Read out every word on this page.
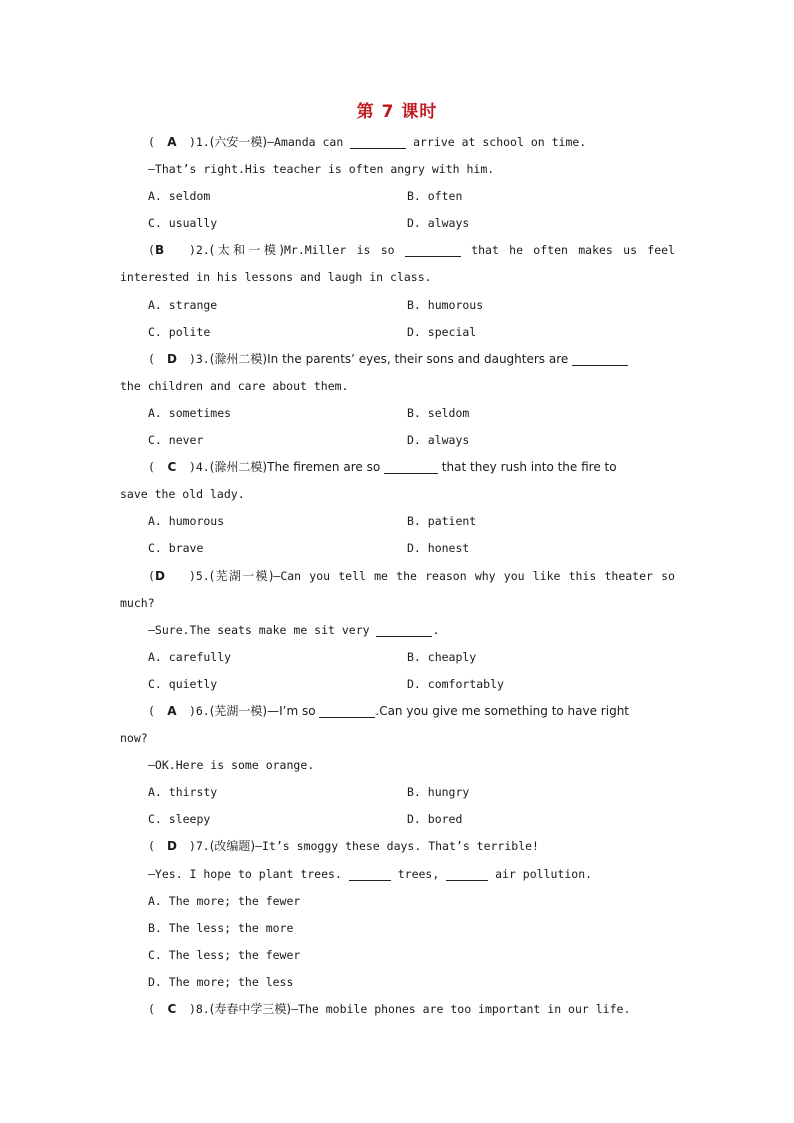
第 7 课时
( A )1.(六安一模)—Amanda can	arrive at school on time.
—That’s right.His teacher is often angry with him.
A. seldom	B. often
C. usually	D. always
(B )2.(太和一模)Mr.Miller is so	that he often makes us feel
interested in his lessons and laugh in class.
A. strange	B. humorous
C. polite	D. special
( D )3.(滁州二模)In the parents’ eyes, their sons and daughters are
the children and care about them.
A. sometimes	B. seldom
C. never	D. always
( C )4.(滁州二模)The firemen are so	that they rush into the fire to
save the old lady.
A. humorous	B. patient
C. brave	D. honest
(D )5.(芜湖一模)—Can you tell me the reason why you like this theater so
much?
—Sure.The seats make me sit very	.
A. carefully	B. cheaply
C. quietly	D. comfortably
( A )6.(芜湖一模)—I’m so	.Can you give me something to have right
now?
—OK.Here is some orange.
A. thirsty	B. hungry
C. sleepy	D. bored
( D )7.(改编题)—It’s smoggy these days. That’s terrible!
—Yes. I hope to plant trees.	trees,	air pollution.
A. The more; the fewer
B. The less; the more
C. The less; the fewer
D. The more; the less
( C )8.(寿春中学三模)—The mobile phones are too important in our life.
